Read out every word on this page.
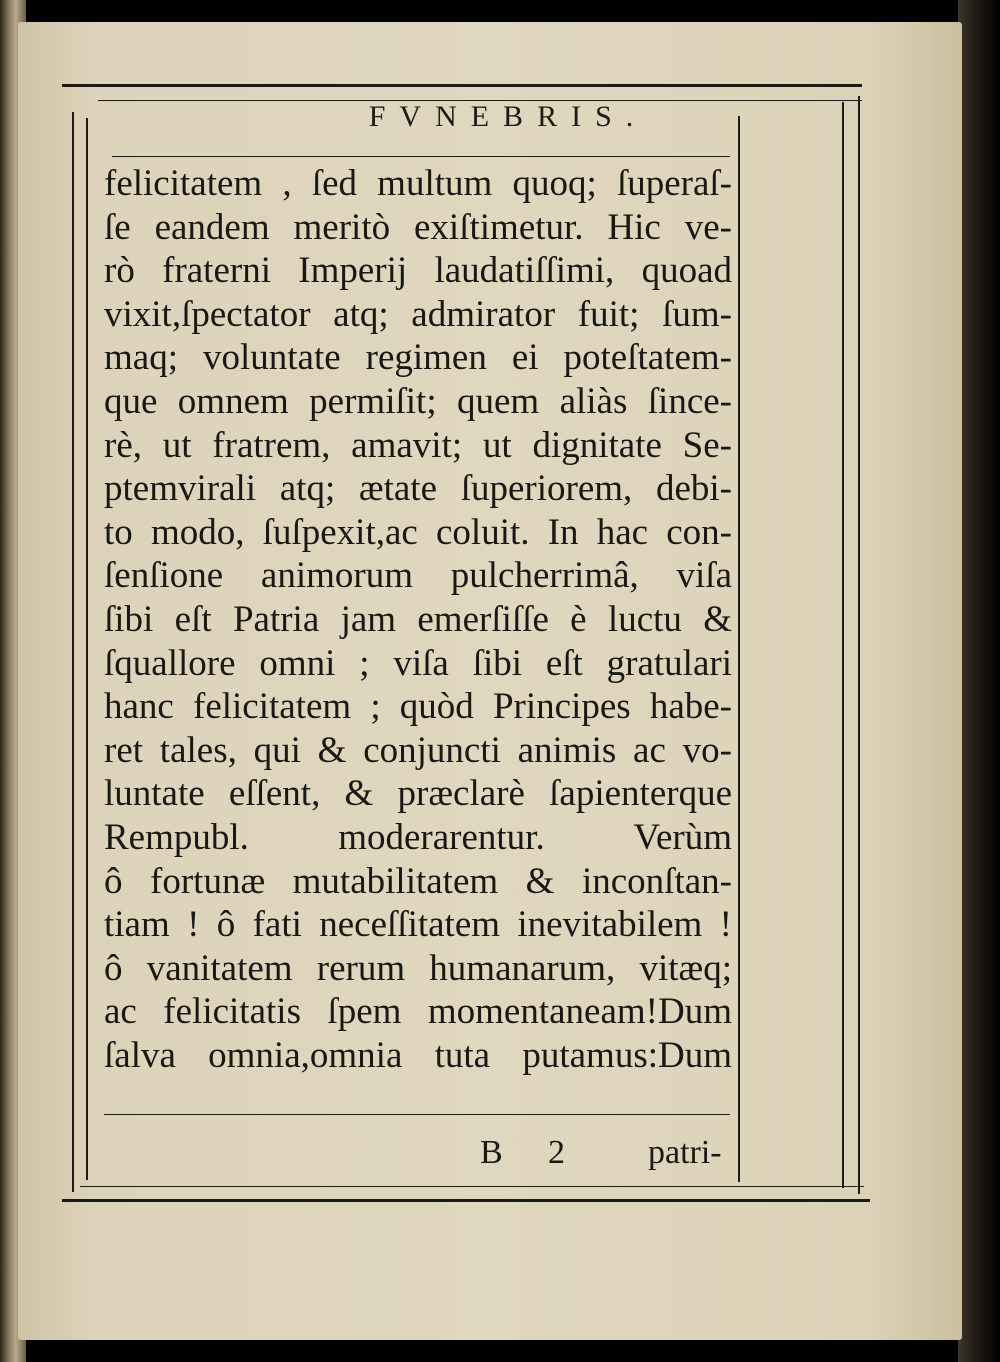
FVNEBRIS.
felicitatem , ſed multum quoq; ſuperaſ-
ſe eandem meritò exiſtimetur. Hic ve-
rò fraterni Imperij laudatiſſimi, quoad
vixit,ſpectator atq; admirator fuit; ſum-
maq; voluntate regimen ei poteſtatem-
que omnem permiſit; quem aliàs ſince-
rè, ut fratrem, amavit; ut dignitate Se-
ptemvirali atq; ætate ſuperiorem, debi-
to modo, ſuſpexit,ac coluit. In hac con-
ſenſione animorum pulcherrimâ, viſa
ſibi eſt Patria jam emerſiſſe è luctu &
ſquallore omni ; viſa ſibi eſt gratulari
hanc felicitatem ; quòd Principes habe-
ret tales, qui & conjuncti animis ac vo-
luntate eſſent, & præclarè ſapienterque
Rempubl. moderarentur. Verùm
ô fortunæ mutabilitatem & inconſtan-
tiam ! ô fati neceſſitatem inevitabilem !
ô vanitatem rerum humanarum, vitæq;
ac felicitatis ſpem momentaneam!Dum
ſalva omnia,omnia tuta putamus:Dum
B 2 patri-
